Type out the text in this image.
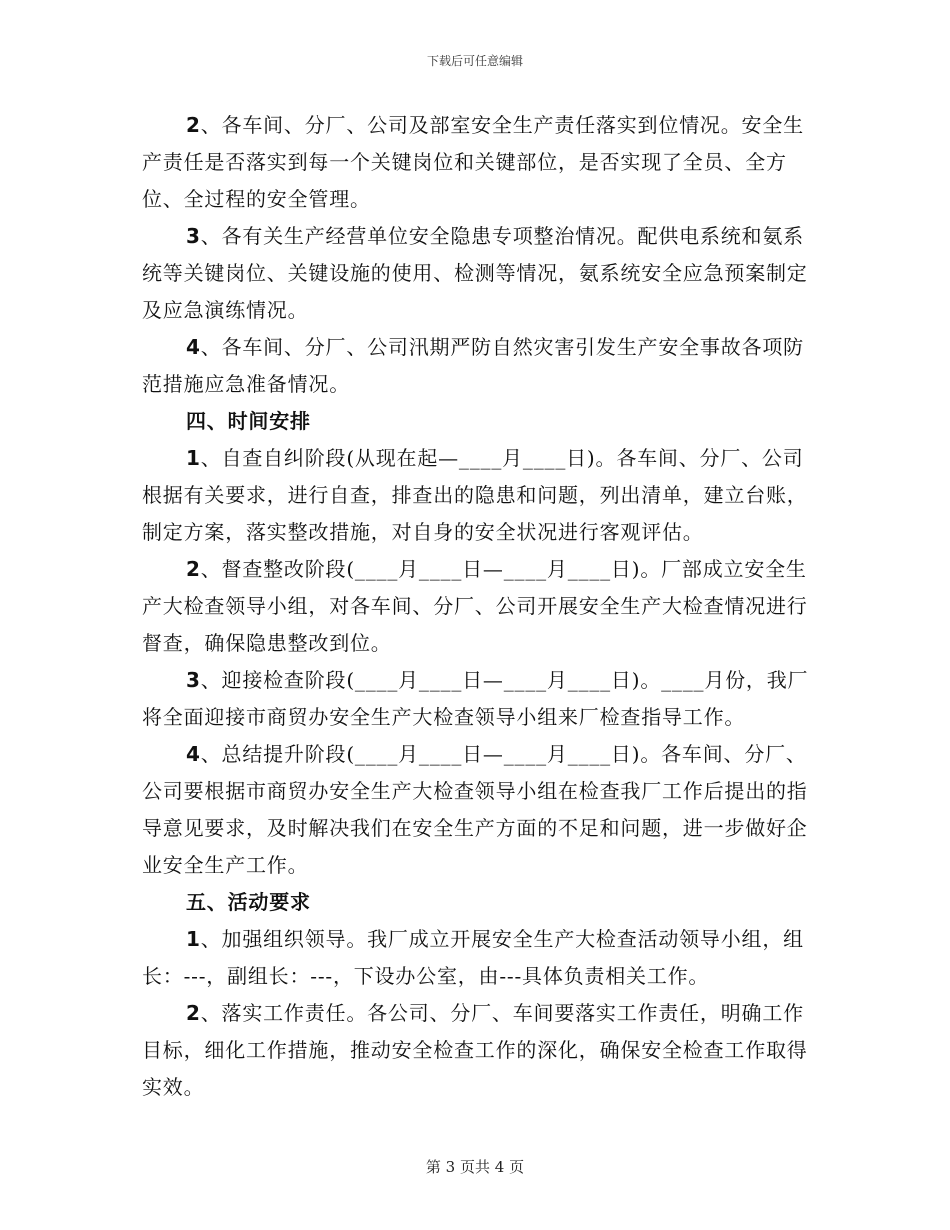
下载后可任意编辑

2、各车间、分厂、公司及部室安全生产责任落实到位情况。安全生产责任是否落实到每一个关键岗位和关键部位，是否实现了全员、全方位、全过程的安全管理。

3、各有关生产经营单位安全隐患专项整治情况。配供电系统和氨系统等关键岗位、关键设施的使用、检测等情况，氨系统安全应急预案制定及应急演练情况。

4、各车间、分厂、公司汛期严防自然灾害引发生产安全事故各项防范措施应急准备情况。

四、时间安排

1、自查自纠阶段(从现在起—____月____日)。各车间、分厂、公司根据有关要求，进行自查，排查出的隐患和问题，列出清单，建立台账，制定方案，落实整改措施，对自身的安全状况进行客观评估。

2、督查整改阶段(____月____日—____月____日)。厂部成立安全生产大检查领导小组，对各车间、分厂、公司开展安全生产大检查情况进行督查，确保隐患整改到位。

3、迎接检查阶段(____月____日—____月____日)。____月份，我厂将全面迎接市商贸办安全生产大检查领导小组来厂检查指导工作。

4、总结提升阶段(____月____日—____月____日)。各车间、分厂、公司要根据市商贸办安全生产大检查领导小组在检查我厂工作后提出的指导意见要求，及时解决我们在安全生产方面的不足和问题，进一步做好企业安全生产工作。

五、活动要求

1、加强组织领导。我厂成立开展安全生产大检查活动领导小组，组长：---，副组长：---，下设办公室，由---具体负责相关工作。

2、落实工作责任。各公司、分厂、车间要落实工作责任，明确工作目标，细化工作措施，推动安全检查工作的深化，确保安全检查工作取得实效。

第 3 页共 4 页
